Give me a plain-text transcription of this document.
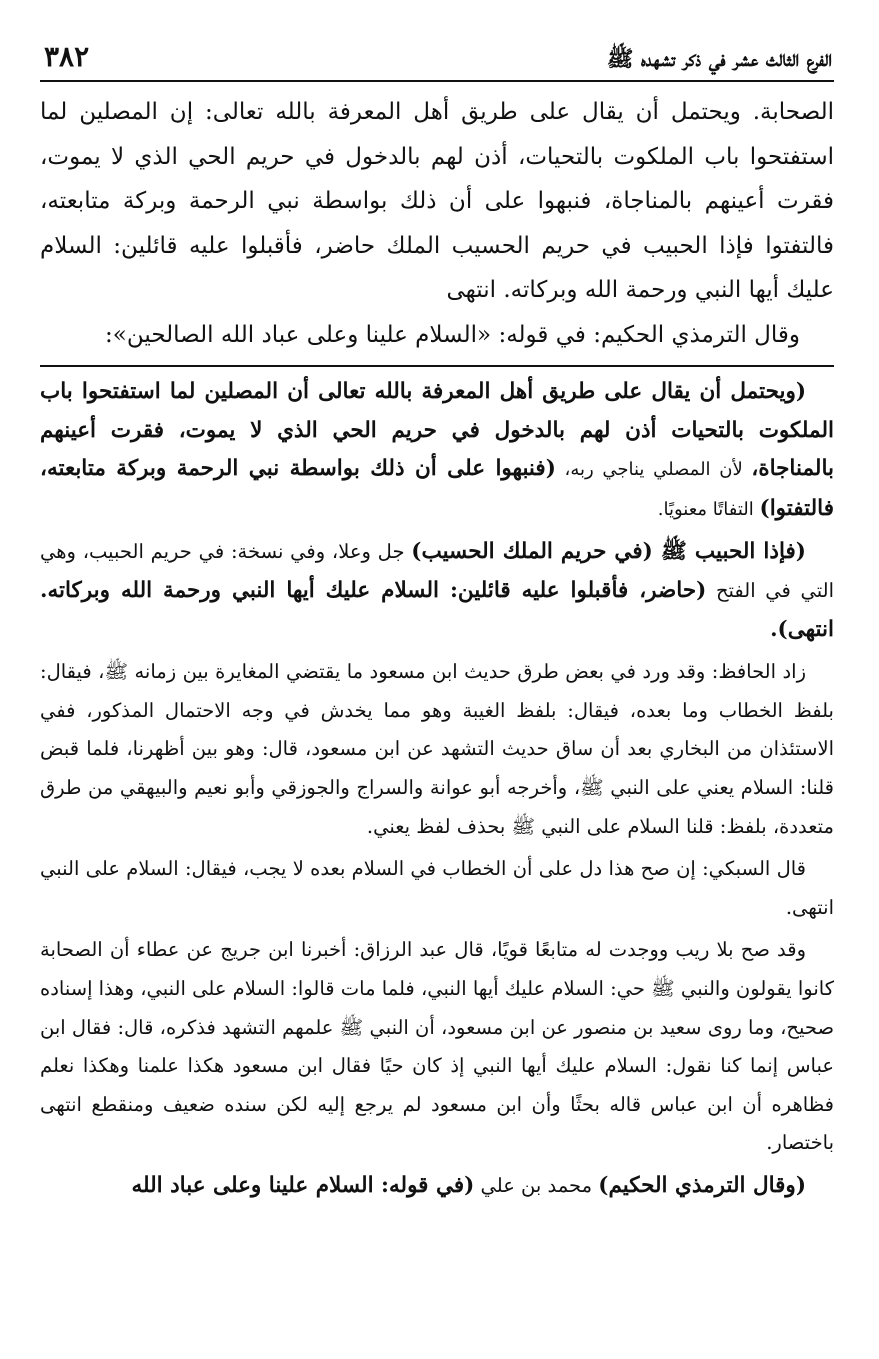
الفرع الثالث عشر في ذكر تشهده ﷺ
٣٨٢

الصحابة. ويحتمل أن يقال على طريق أهل المعرفة بالله تعالى: إن المصلين لما استفتحوا باب الملكوت بالتحيات، أذن لهم بالدخول في حريم الحي الذي لا يموت، فقرت أعينهم بالمناجاة، فنبهوا على أن ذلك بواسطة نبي الرحمة وبركة متابعته، فالتفتوا فإذا الحبيب في حريم الحسيب الملك حاضر، فأقبلوا عليه قائلين: السلام عليك أيها النبي ورحمة الله وبركاته. انتهى

وقال الترمذي الحكيم: في قوله: «السلام علينا وعلى عباد الله الصالحين»:

(ويحتمل أن يقال على طريق أهل المعرفة بالله تعالى أن المصلين لما استفتحوا باب الملكوت بالتحيات أذن لهم بالدخول في حريم الحي الذي لا يموت، فقرت أعينهم بالمناجاة، لأن المصلي يناجي ربه، (فنبهوا على أن ذلك بواسطة نبي الرحمة وبركة متابعته، فالتفتوا) التفاتًا معنويًا.

(فإذا الحبيب ﷺ (في حريم الملك الحسيب) جل وعلا، وفي نسخة: في حريم الحبيب، وهي التي في الفتح (حاضر، فأقبلوا عليه قائلين: السلام عليك أيها النبي ورحمة الله وبركاته. انتهى).

زاد الحافظ: وقد ورد في بعض طرق حديث ابن مسعود ما يقتضي المغايرة بين زمانه ﷺ، فيقال: بلفظ الخطاب وما بعده، فيقال: بلفظ الغيبة وهو مما يخدش في وجه الاحتمال المذكور، ففي الاستئذان من البخاري بعد أن ساق حديث التشهد عن ابن مسعود، قال: وهو بين أظهرنا، فلما قبض قلنا: السلام يعني على النبي ﷺ، وأخرجه أبو عوانة والسراج والجوزقي وأبو نعيم والبيهقي من طرق متعددة، بلفظ: قلنا السلام على النبي ﷺ بحذف لفظ يعني.

قال السبكي: إن صح هذا دل على أن الخطاب في السلام بعده لا يجب، فيقال: السلام على النبي انتهى.

وقد صح بلا ريب ووجدت له متابعًا قويًا، قال عبد الرزاق: أخبرنا ابن جريج عن عطاء أن الصحابة كانوا يقولون والنبي ﷺ حي: السلام عليك أيها النبي، فلما مات قالوا: السلام على النبي، وهذا إسناده صحيح، وما روى سعيد بن منصور عن ابن مسعود، أن النبي ﷺ علمهم التشهد فذكره، قال: فقال ابن عباس إنما كنا نقول: السلام عليك أيها النبي إذ كان حيًا فقال ابن مسعود هكذا علمنا وهكذا نعلم فظاهره أن ابن عباس قاله بحثًا وأن ابن مسعود لم يرجع إليه لكن سنده ضعيف ومنقطع انتهى باختصار.

(وقال الترمذي الحكيم) محمد بن علي (في قوله: السلام علينا وعلى عباد الله
